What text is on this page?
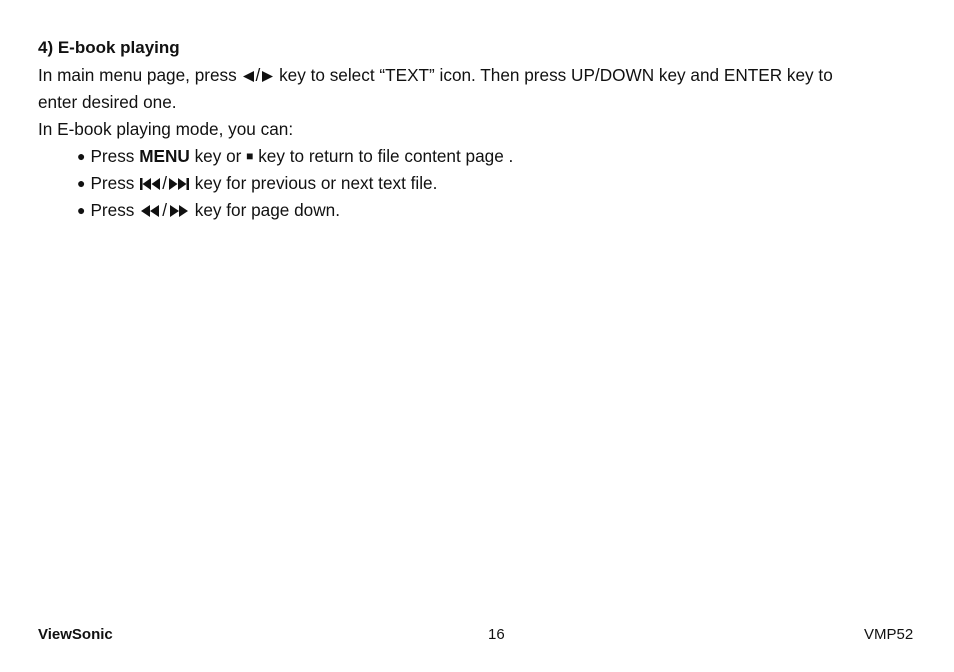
4) E-book playing
In main menu page, press / key to select “TEXT” icon. Then press UP/DOWN key and ENTER key to
enter desired one.
In E-book playing mode, you can:
● Press
MENU
key or
■
key to return to file content page .
● Press
/
key for previous or next text file.
● Press
/
key for page down.
ViewSonic	16	VMP52
